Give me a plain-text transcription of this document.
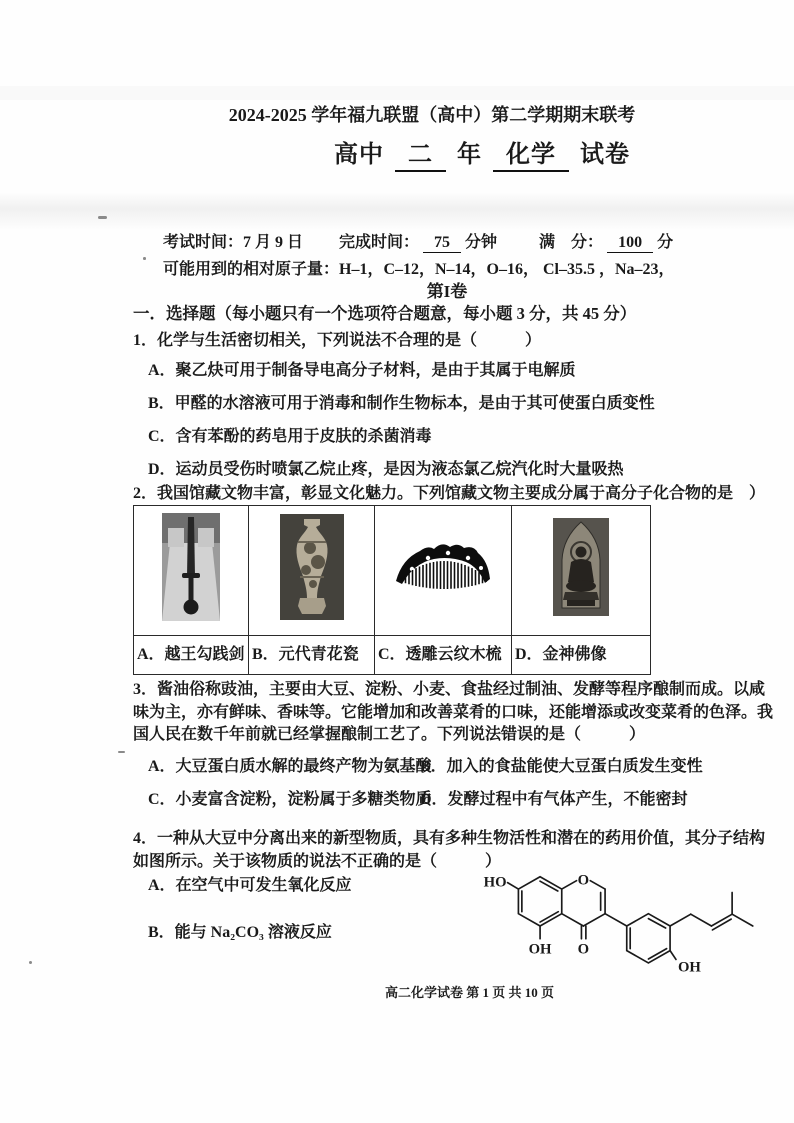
2024-2025 学年福九联盟（高中）第二学期期末联考
高中 二 年 化学 试卷
考试时间：7 月 9 日 完成时间： 75 分钟	满　分： 100 分
可能用到的相对原子量：H–1，C–12，N–14，O–16， Cl–35.5 ，Na–23，
第I卷
一．选择题（每小题只有一个选项符合题意，每小题 3 分，共 45 分）
1．化学与生活密切相关，下列说法不合理的是（　　　）
A．聚乙炔可用于制备导电高分子材料，是由于其属于电解质
B．甲醛的水溶液可用于消毒和制作生物标本，是由于其可使蛋白质变性
C．含有苯酚的药皂用于皮肤的杀菌消毒
D．运动员受伤时喷氯乙烷止疼，是因为液态氯乙烷汽化时大量吸热
2．我国馆藏文物丰富，彰显文化魅力。下列馆藏文物主要成分属于高分子化合物的是　）

A．越王勾践剑	B．元代青花瓷	C．透雕云纹木梳	D．金神佛像
3．酱油俗称豉油，主要由大豆、淀粉、小麦、食盐经过制油、发酵等程序酿制而成。以咸
味为主，亦有鲜味、香味等。它能增加和改善菜肴的口味，还能增添或改变菜肴的色泽。我
国人民在数千年前就已经掌握酿制工艺了。下列说法错误的是（　　　）
A．大豆蛋白质水解的最终产物为氨基酸
B．加入的食盐能使大豆蛋白质发生变性
C．小麦富含淀粉，淀粉属于多糖类物质
D．发酵过程中有气体产生，不能密封
4．一种从大豆中分离出来的新型物质，具有多种生物活性和潜在的药用价值，其分子结构
如图所示。关于该物质的说法不正确的是（　　　）
A．在空气中可发生氧化反应
B．能与 Na₂CO₃ 溶液反应
HO	O
OH O
OH
高二化学试卷 第 1 页 共 10 页
